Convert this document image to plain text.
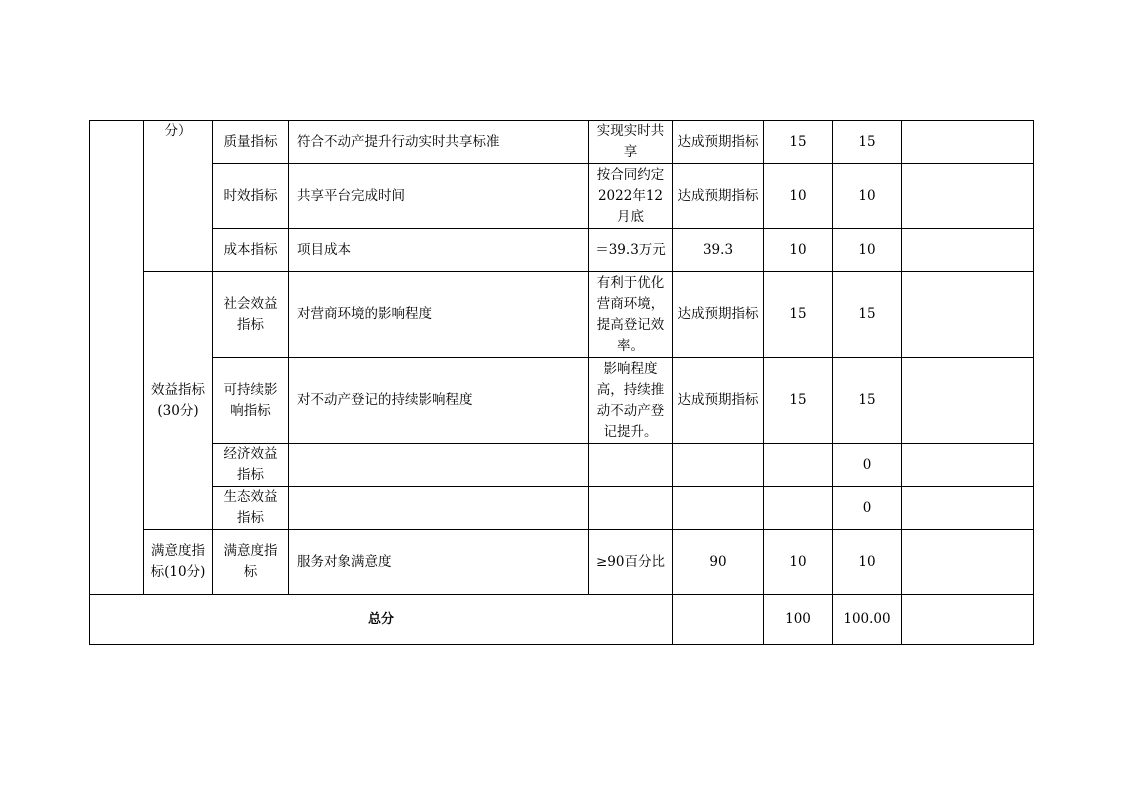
	分）	质量指标	符合不动产提升行动实时共享标准	实现实时共享	达成预期指标	15	15	
		时效指标	共享平台完成时间	按合同约定2022年12月底	达成预期指标	10	10	
		成本指标	项目成本	＝39.3万元	39.3	10	10	
	效益指标(30分)	社会效益指标	对营商环境的影响程度	有利于优化营商环境，提高登记效率。	达成预期指标	15	15	
		可持续影响指标	对不动产登记的持续影响程度	影响程度高，持续推动不动产登记提升。	达成预期指标	15	15	
		经济效益指标					0	
		生态效益指标					0	
	满意度指标(10分)	满意度指标	服务对象满意度	≥90百分比	90	10	10	
总分						100	100.00	
